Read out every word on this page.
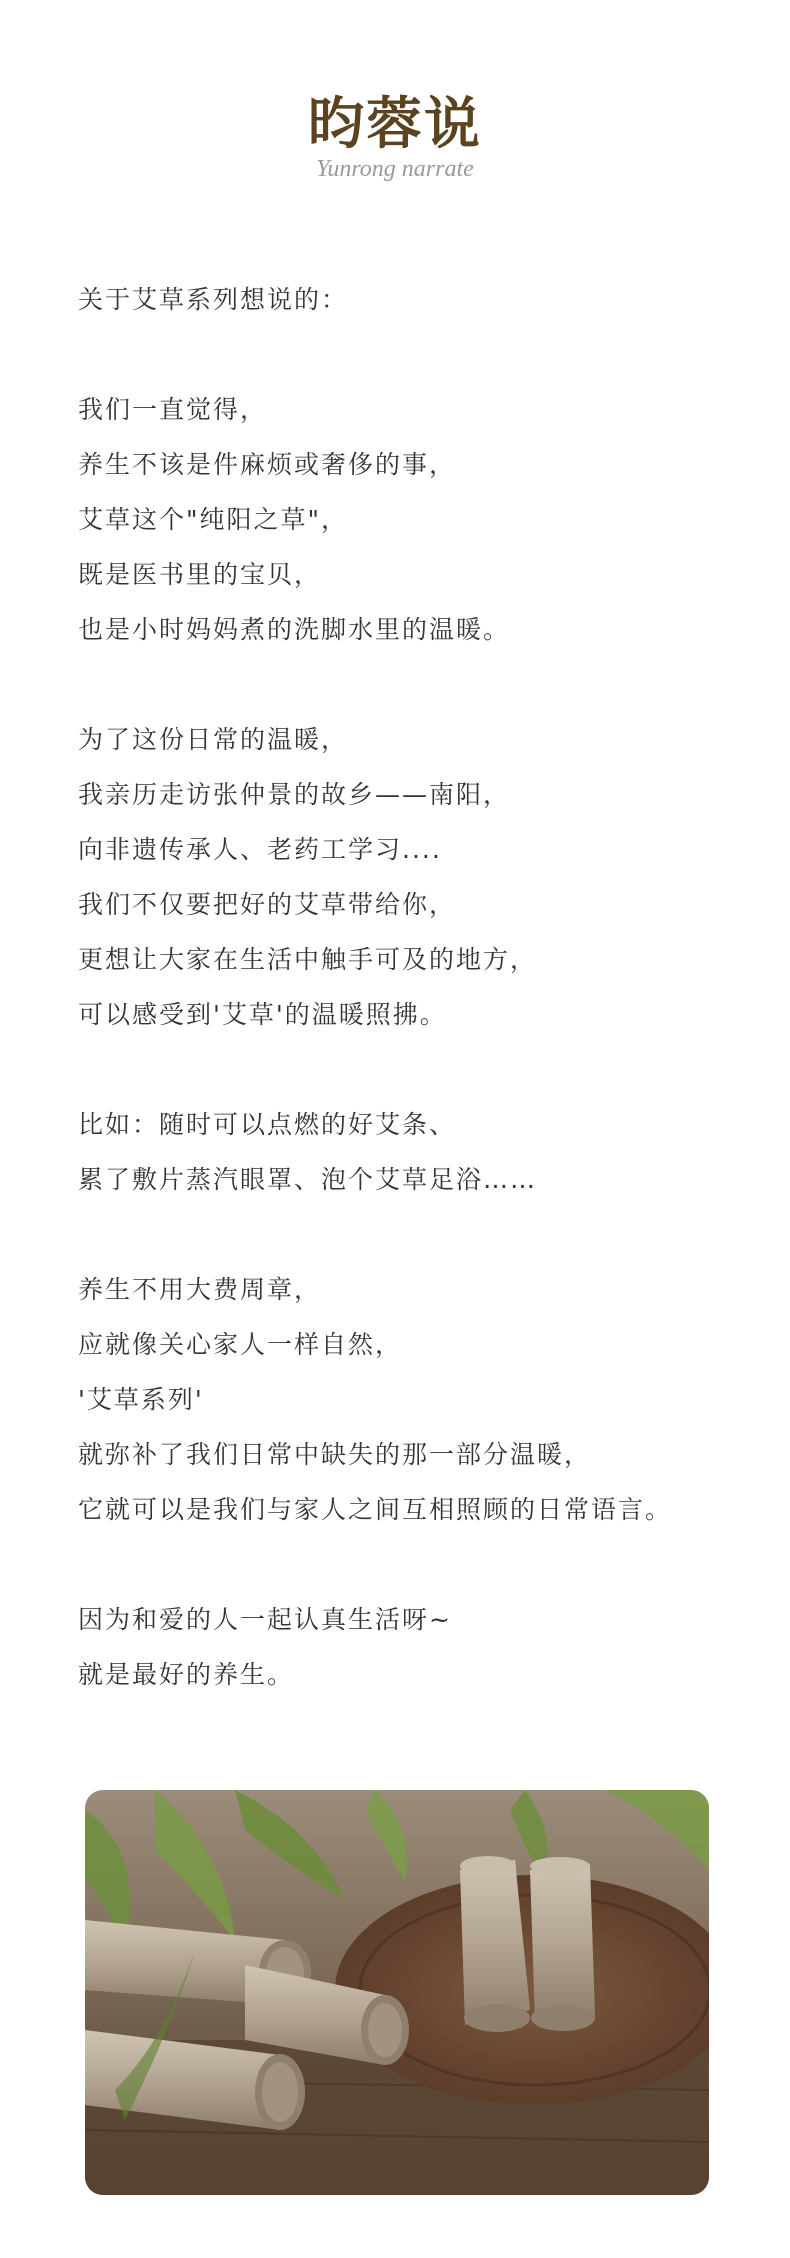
昀蓉说
Yunrong narrate
关于艾草系列想说的：
我们一直觉得，
养生不该是件麻烦或奢侈的事，
艾草这个"纯阳之草"，
既是医书里的宝贝，
也是小时妈妈煮的洗脚水里的温暖。
为了这份日常的温暖，
我亲历走访张仲景的故乡——南阳，
向非遗传承人、老药工学习....
我们不仅要把好的艾草带给你，
更想让大家在生活中触手可及的地方，
可以感受到'艾草'的温暖照拂。
比如：随时可以点燃的好艾条、
累了敷片蒸汽眼罩、泡个艾草足浴……
养生不用大费周章，
应就像关心家人一样自然，
'艾草系列'
就弥补了我们日常中缺失的那一部分温暖，
它就可以是我们与家人之间互相照顾的日常语言。
因为和爱的人一起认真生活呀~
就是最好的养生。
